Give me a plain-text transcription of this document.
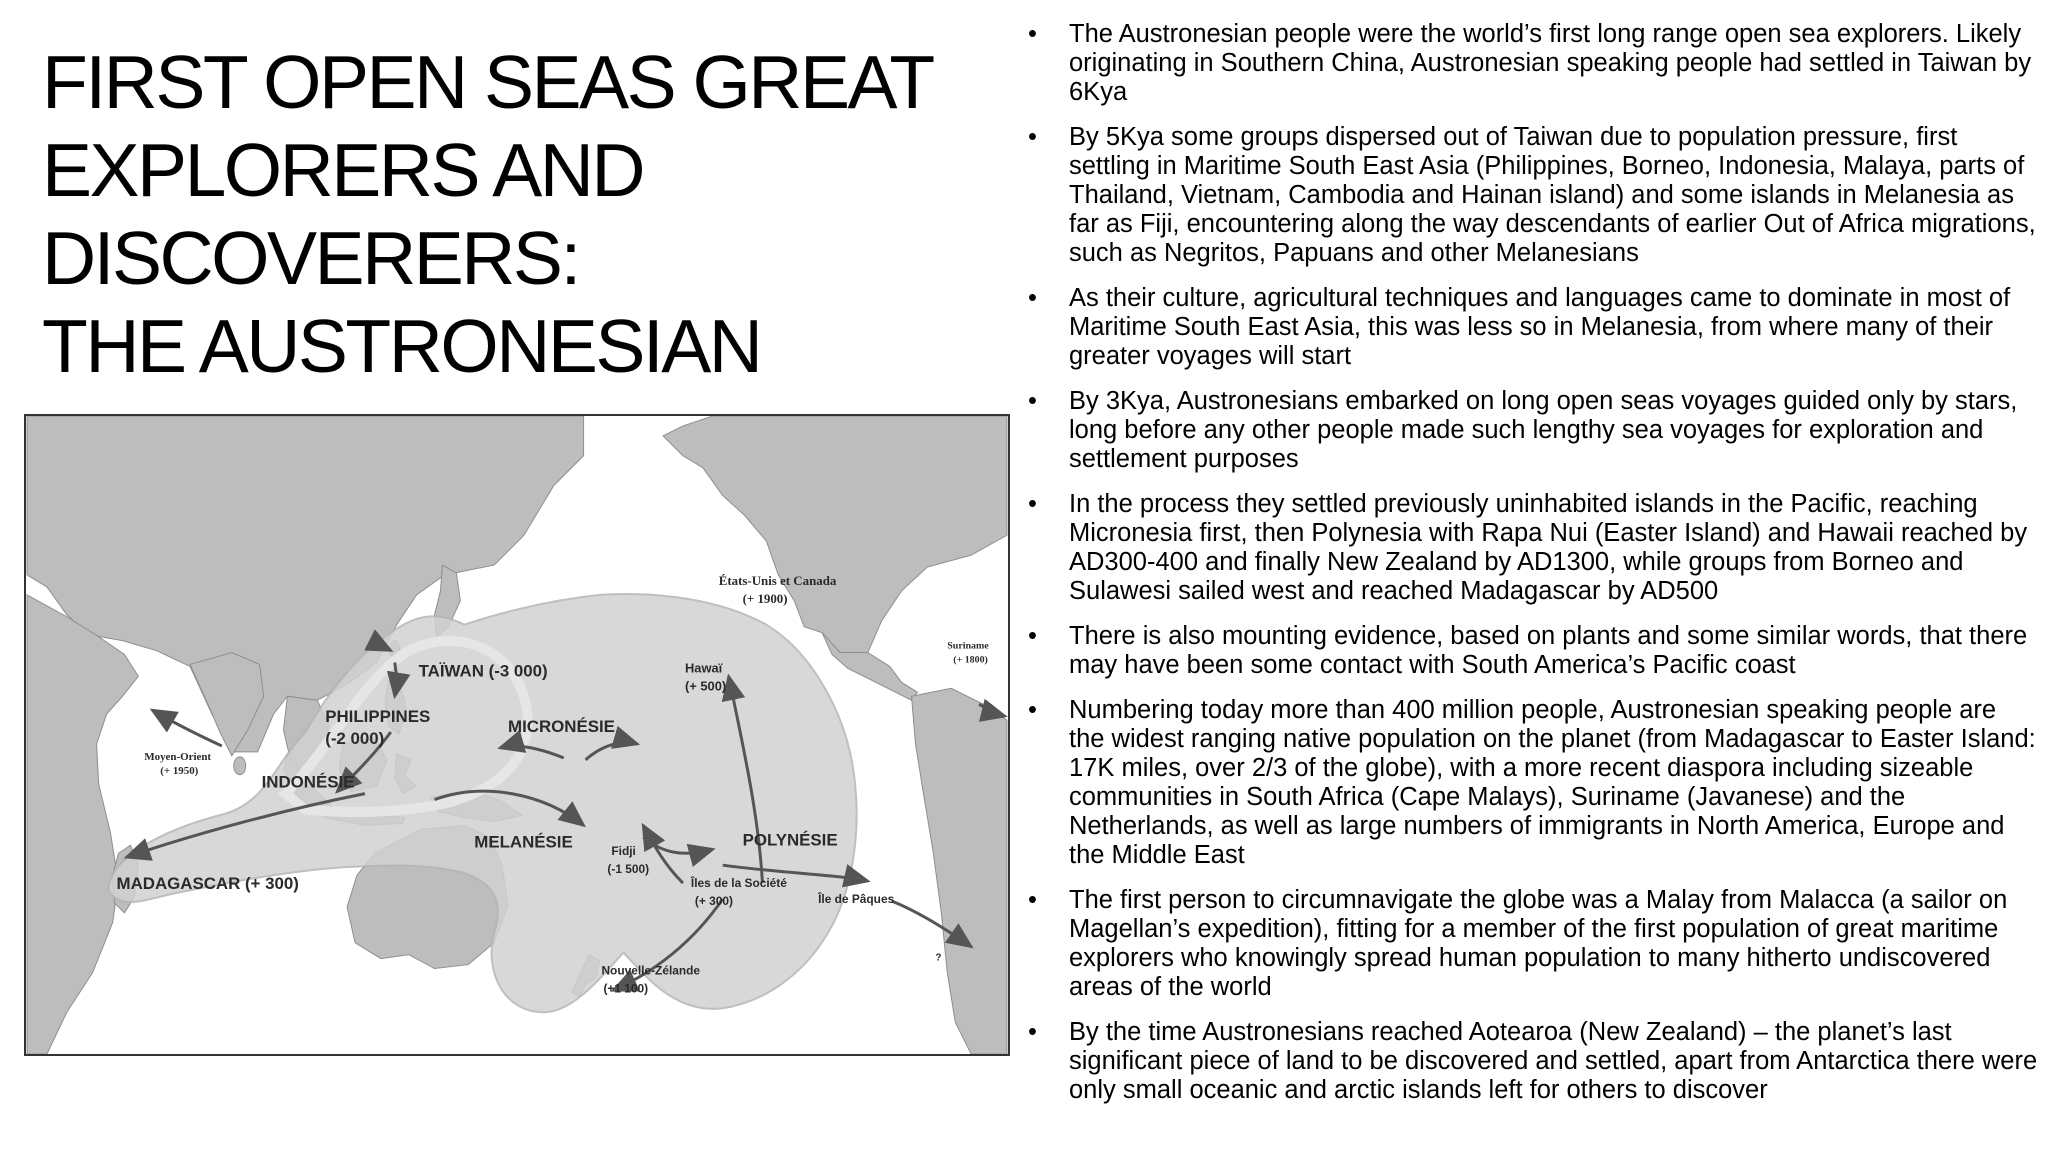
FIRST OPEN SEAS GREAT
EXPLORERS AND
DISCOVERERS:
THE AUSTRONESIAN
États-Unis et Canada
(+ 1900)
Suriname
(+ 1800)
Hawaï
(+ 500)
TAÏWAN (-3 000)
PHILIPPINES
(-2 000)
MICRONÉSIE
Moyen-Orient
(+ 1950)
INDONÉSIE
MELANÉSIE	Fidji
(-1 500)
POLYNÉSIE
MADAGASCAR (+ 300)	Îles de la Société
(+ 300)	Île de Pâques
?
Nouvelle-Zélande
(+1 100)
• The Austronesian people were the world’s first long range open sea explorers. Likely originating in Southern China, Austronesian speaking people had settled in Taiwan by 6Kya
• By 5Kya some groups dispersed out of Taiwan due to population pressure, first settling in Maritime South East Asia (Philippines, Borneo, Indonesia, Malaya, parts of Thailand, Vietnam, Cambodia and Hainan island) and some islands in Melanesia as far as Fiji, encountering along the way descendants of earlier Out of Africa migrations, such as Negritos, Papuans and other Melanesians
• As their culture, agricultural techniques and languages came to dominate in most of Maritime South East Asia, this was less so in Melanesia, from where many of their greater voyages will start
• By 3Kya, Austronesians embarked on long open seas voyages guided only by stars, long before any other people made such lengthy sea voyages for exploration and settlement purposes
• In the process they settled previously uninhabited islands in the Pacific, reaching Micronesia first, then Polynesia with Rapa Nui (Easter Island) and Hawaii reached by AD300-400 and finally New Zealand by AD1300, while groups from Borneo and Sulawesi sailed west and reached Madagascar by AD500
• There is also mounting evidence, based on plants and some similar words, that there may have been some contact with South America’s Pacific coast
• Numbering today more than 400 million people, Austronesian speaking people are the widest ranging native population on the planet (from Madagascar to Easter Island: 17K miles, over 2/3 of the globe), with a more recent diaspora including sizeable communities in South Africa (Cape Malays), Suriname (Javanese) and the Netherlands, as well as large numbers of immigrants in North America, Europe and the Middle East
• The first person to circumnavigate the globe was a Malay from Malacca (a sailor on Magellan’s expedition), fitting for a member of the first population of great maritime explorers who knowingly spread human population to many hitherto undiscovered areas of the world
• By the time Austronesians reached Aotearoa (New Zealand) – the planet’s last significant piece of land to be discovered and settled, apart from Antarctica there were only small oceanic and arctic islands left for others to discover
